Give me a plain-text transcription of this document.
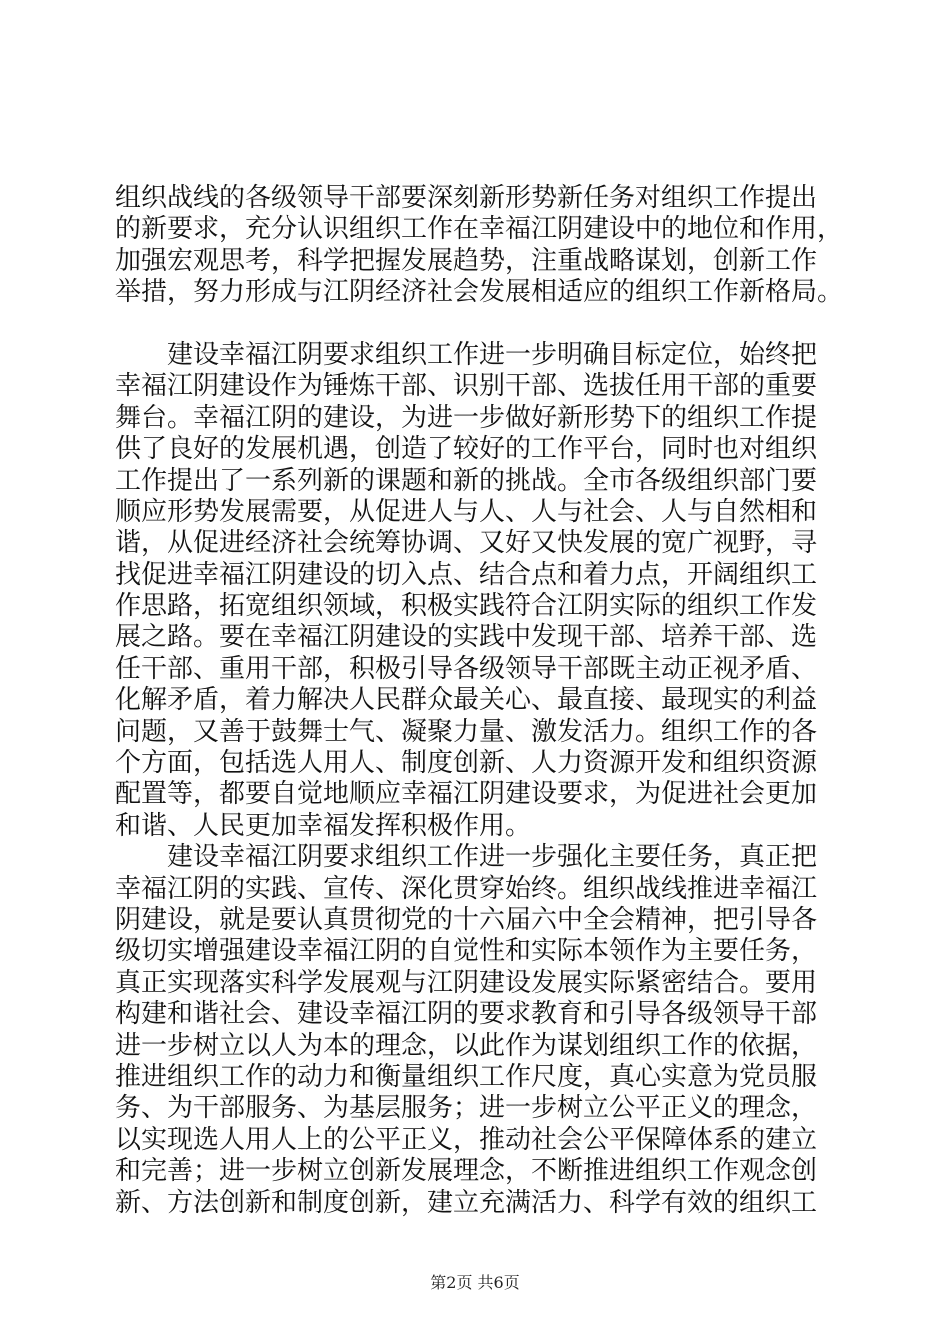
组织战线的各级领导干部要深刻新形势新任务对组织工作提出
的新要求，充分认识组织工作在幸福江阴建设中的地位和作用，
加强宏观思考，科学把握发展趋势，注重战略谋划，创新工作
举措，努力形成与江阴经济社会发展相适应的组织工作新格局。
建设幸福江阴要求组织工作进一步明确目标定位，始终把
幸福江阴建设作为锤炼干部、识别干部、选拔任用干部的重要
舞台。幸福江阴的建设，为进一步做好新形势下的组织工作提
供了良好的发展机遇，创造了较好的工作平台，同时也对组织
工作提出了一系列新的课题和新的挑战。全市各级组织部门要
顺应形势发展需要，从促进人与人、人与社会、人与自然相和
谐，从促进经济社会统筹协调、又好又快发展的宽广视野，寻
找促进幸福江阴建设的切入点、结合点和着力点，开阔组织工
作思路，拓宽组织领域，积极实践符合江阴实际的组织工作发
展之路。要在幸福江阴建设的实践中发现干部、培养干部、选
任干部、重用干部，积极引导各级领导干部既主动正视矛盾、
化解矛盾，着力解决人民群众最关心、最直接、最现实的利益
问题，又善于鼓舞士气、凝聚力量、激发活力。组织工作的各
个方面，包括选人用人、制度创新、人力资源开发和组织资源
配置等，都要自觉地顺应幸福江阴建设要求，为促进社会更加
和谐、人民更加幸福发挥积极作用。
建设幸福江阴要求组织工作进一步强化主要任务，真正把
幸福江阴的实践、宣传、深化贯穿始终。组织战线推进幸福江
阴建设，就是要认真贯彻党的十六届六中全会精神，把引导各
级切实增强建设幸福江阴的自觉性和实际本领作为主要任务，
真正实现落实科学发展观与江阴建设发展实际紧密结合。要用
构建和谐社会、建设幸福江阴的要求教育和引导各级领导干部
进一步树立以人为本的理念，以此作为谋划组织工作的依据，
推进组织工作的动力和衡量组织工作尺度，真心实意为党员服
务、为干部服务、为基层服务；进一步树立公平正义的理念，
以实现选人用人上的公平正义，推动社会公平保障体系的建立
和完善；进一步树立创新发展理念，不断推进组织工作观念创
新、方法创新和制度创新，建立充满活力、科学有效的组织工
第2页 共6页
